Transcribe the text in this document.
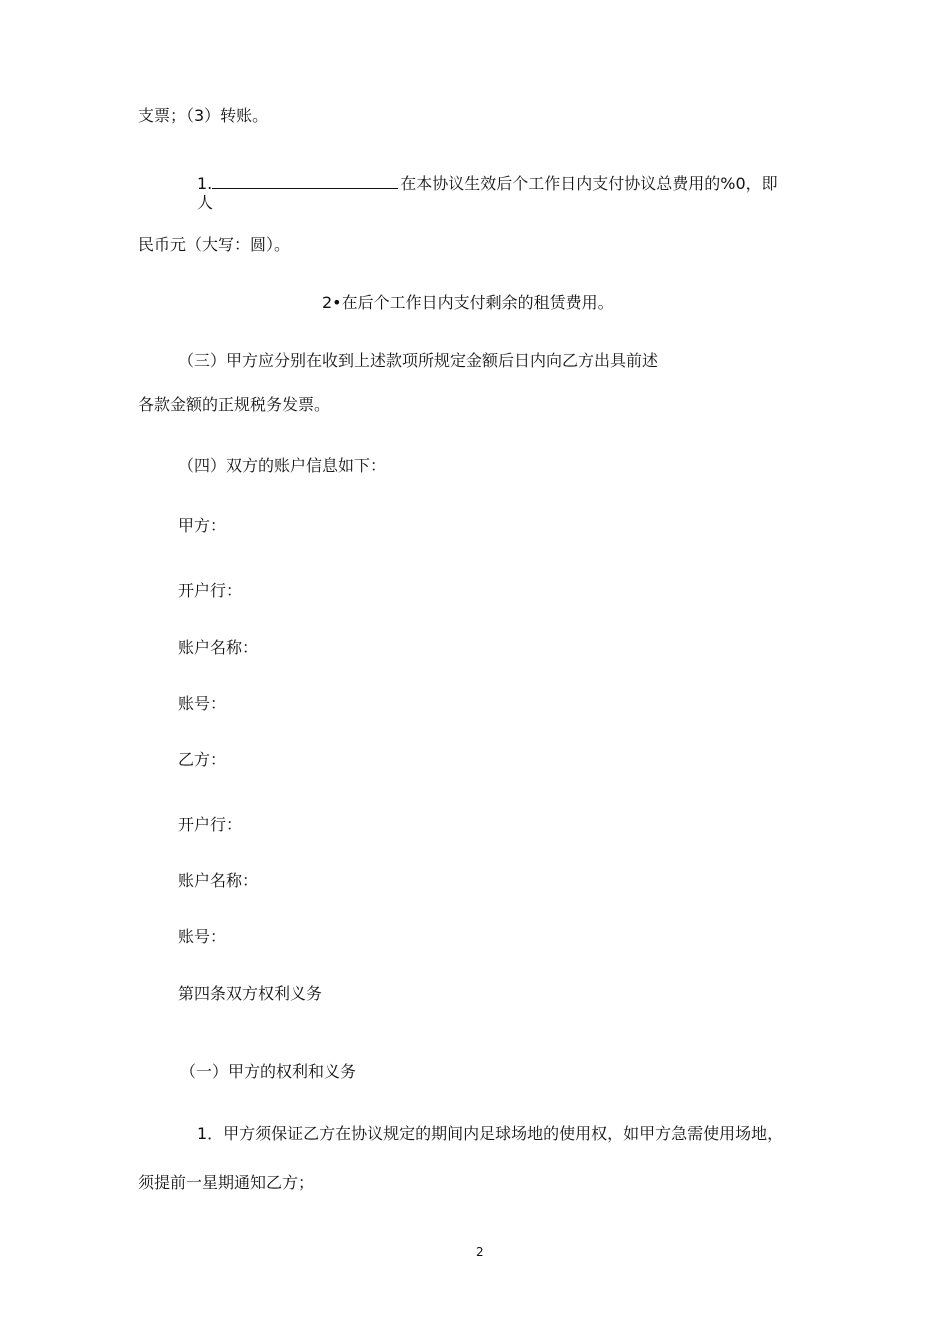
支票；（3）转账。
1.	在本协议生效后个工作日内支付协议总费用的%0，即
人
民币元（大写：圆）。
2•在后个工作日内支付剩余的租赁费用。
（三）甲方应分别在收到上述款项所规定金额后日内向乙方出具前述
各款金额的正规税务发票。
（四）双方的账户信息如下：
甲方：
开户行：
账户名称：
账号：
乙方：
开户行：
账户名称：
账号：
第四条双方权利义务
（一）甲方的权利和义务
1．甲方须保证乙方在协议规定的期间内足球场地的使用权，如甲方急需使用场地，
须提前一星期通知乙方；
2
